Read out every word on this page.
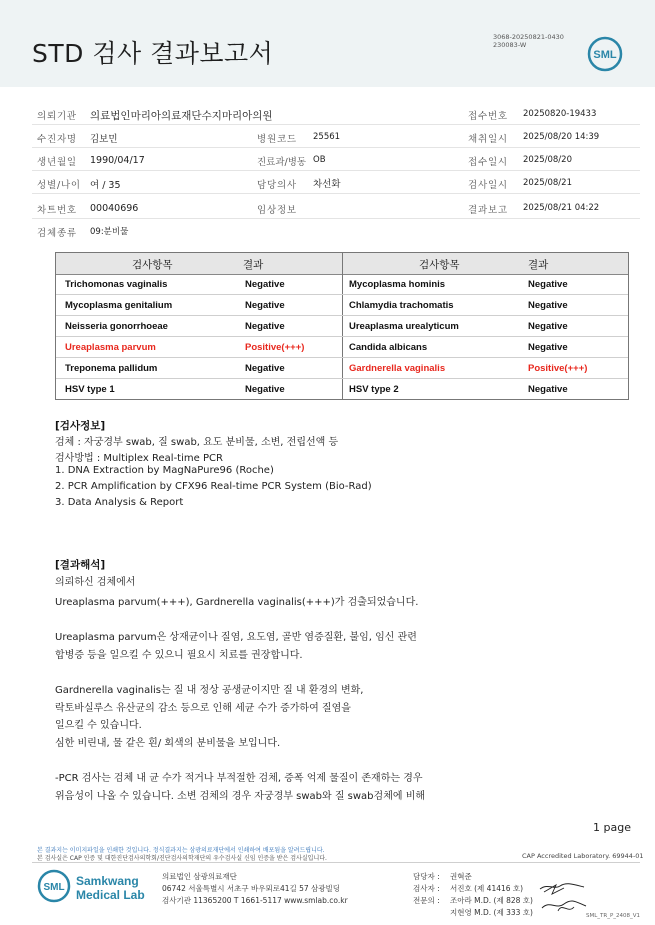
STD 검사 결과보고서
3068-20250821-0430
230083-W
SML
의뢰기관 의료법인마리아의료재단수지마리아의원	접수번호 20250820-19433
수진자명 김보민	병원코드 25561	채취일시 2025/08/20 14:39
생년월일 1990/04/17	진료과/병동 OB	접수일시 2025/08/20
성별/나이 여 / 35	담당의사 차선화	검사일시 2025/08/21
차트번호 00040696	임상정보	결과보고 2025/08/21 04:22
검체종류 09:분비물
검사항목	결과	검사항목	결과
Trichomonas vaginalis	Negative	Mycoplasma hominis	Negative
Mycoplasma genitalium	Negative	Chlamydia trachomatis	Negative
Neisseria gonorrhoeae	Negative	Ureaplasma urealyticum	Negative
Ureaplasma parvum	Positive(+++)	Candida albicans	Negative
Treponema pallidum	Negative	Gardnerella vaginalis	Positive(+++)
HSV type 1	Negative	HSV type 2	Negative
[검사정보]
검체 : 자궁경부 swab, 질 swab, 요도 분비물, 소변, 전립선액 등
검사방법 : Multiplex Real-time PCR
1. DNA Extraction by MagNaPure96 (Roche)
2. PCR Amplification by CFX96 Real-time PCR System (Bio-Rad)
3. Data Analysis & Report
[결과해석]
의뢰하신 검체에서
Ureaplasma parvum(+++), Gardnerella vaginalis(+++)가 검출되었습니다.
Ureaplasma parvum은 상재균이나 질염, 요도염, 골반 염증질환, 불임, 임신 관련
합병증 등을 일으킬 수 있으니 필요시 치료를 권장합니다.
Gardnerella vaginalis는 질 내 정상 공생균이지만 질 내 환경의 변화,
락토바실루스 유산균의 감소 등으로 인해 세균 수가 증가하여 질염을
일으킬 수 있습니다.
심한 비린내, 물 같은 흰/ 회색의 분비물을 보입니다.
-PCR 검사는 검체 내 균 수가 적거나 부적절한 검체, 증폭 억제 물질이 존재하는 경우
위음성이 나올 수 있습니다. 소변 검체의 경우 자궁경부 swab와 질 swab검체에 비해
1 page
본 결과지는 이미지파일을 인쇄한 것입니다. 정식결과지는 삼광의료재단에서 인쇄하여 배포됨을 알려드립니다.
본 검사실은 CAP 인증 및 대한진단검사의학회/진단검사의학재단의 우수검사실 신임 인증을 받은 검사실입니다.	CAP Accredited Laboratory. 69944-01
SML Samkwang
Medical Lab
의료법인 삼광의료재단
06742 서울특별시 서초구 바우뫼로41길 57 삼광빌딩
검사기관 11365200 T 1661-5117 www.smlab.co.kr
담당자 : 권혁준
검사자 : 서진호 (제 41416 호)
전문의 : 조아라 M.D. (제 828 호)
지현영 M.D. (제 333 호)	SML_TR_P_2408_V1
